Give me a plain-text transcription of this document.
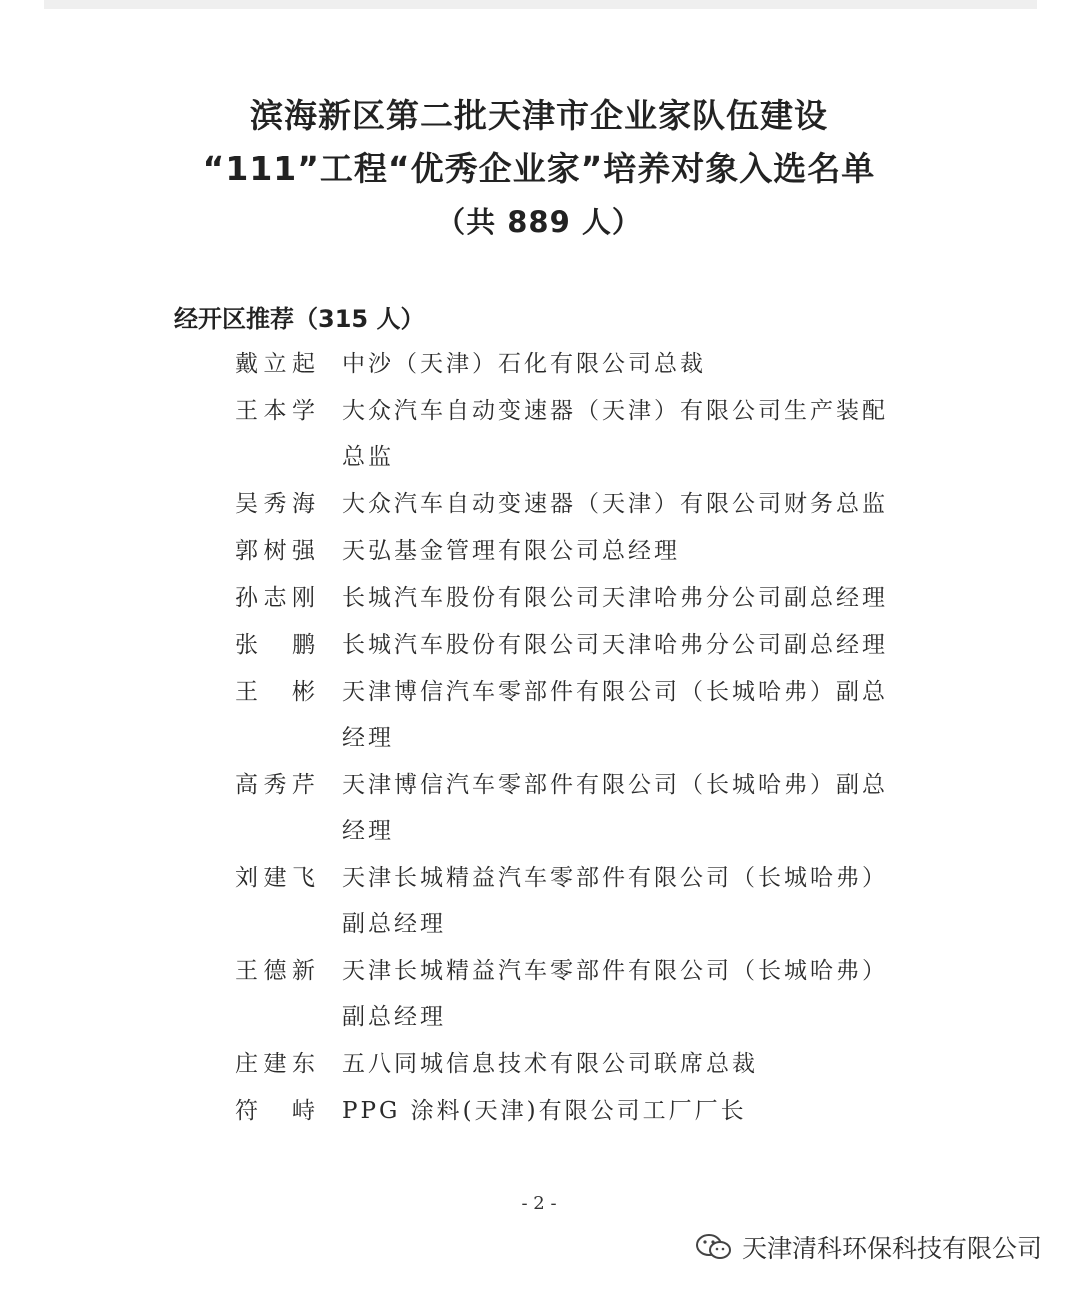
滨海新区第二批天津市企业家队伍建设
“111”工程“优秀企业家”培养对象入选名单
（共 889 人）
经开区推荐（315 人）
戴立起 中沙（天津）石化有限公司总裁
王本学 大众汽车自动变速器（天津）有限公司生产装配总监
吴秀海 大众汽车自动变速器（天津）有限公司财务总监
郭树强 天弘基金管理有限公司总经理
孙志刚 长城汽车股份有限公司天津哈弗分公司副总经理
张　鹏 长城汽车股份有限公司天津哈弗分公司副总经理
王　彬 天津博信汽车零部件有限公司（长城哈弗）副总经理
高秀芹 天津博信汽车零部件有限公司（长城哈弗）副总经理
刘建飞 天津长城精益汽车零部件有限公司（长城哈弗）副总经理
王德新 天津长城精益汽车零部件有限公司（长城哈弗）副总经理
庄建东 五八同城信息技术有限公司联席总裁
符　峙 PPG 涂料(天津)有限公司工厂厂长
- 2 -
天津清科环保科技有限公司
